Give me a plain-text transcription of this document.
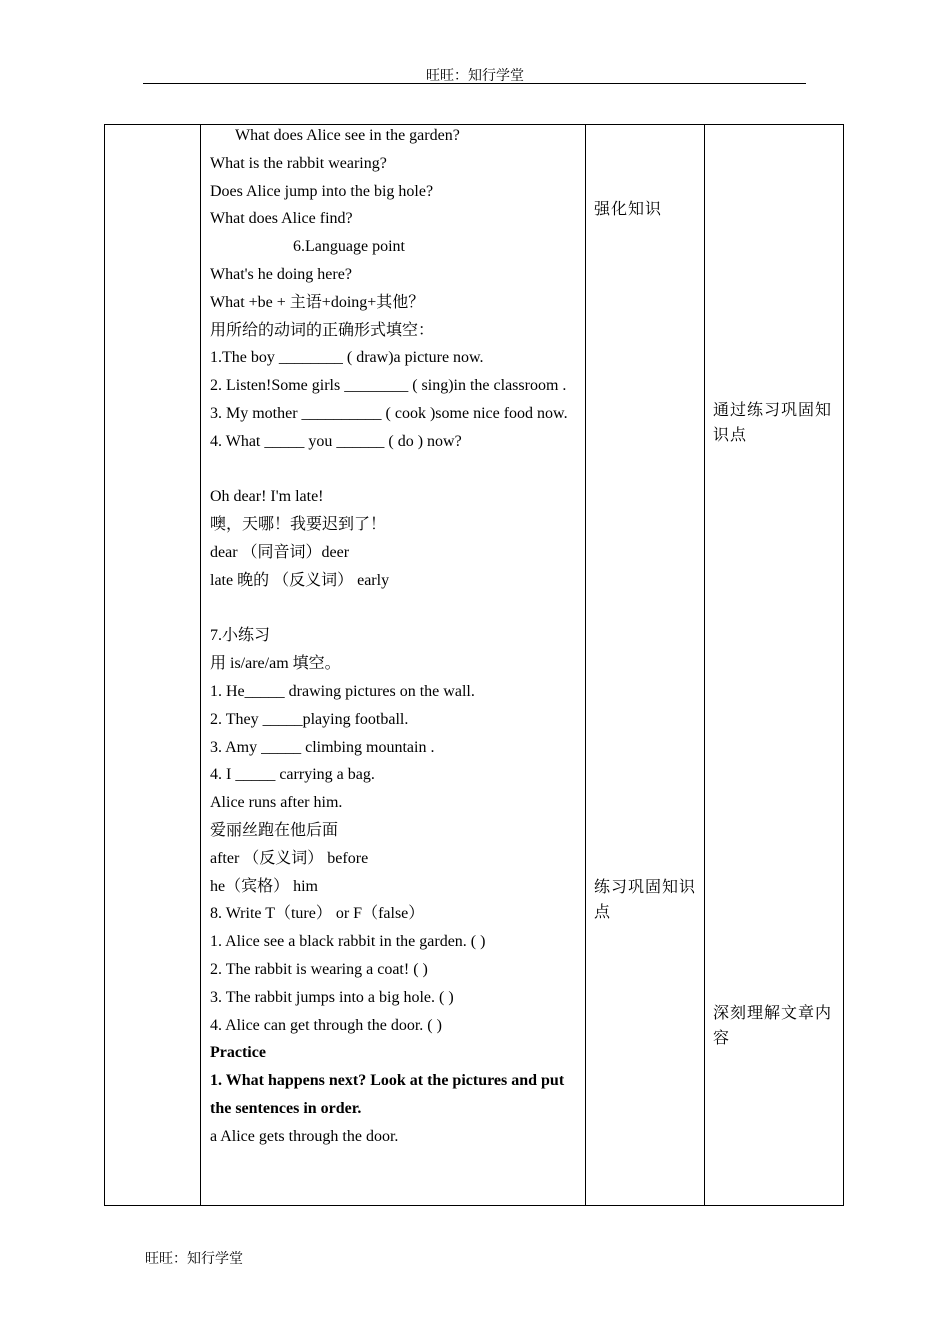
旺旺：知行学堂
What does Alice see in the garden?
What is the rabbit wearing?
Does Alice jump into the big hole?
What does Alice find?
6.Language point
What's he doing here?
What +be + 主语+doing+其他？
用所给的动词的正确形式填空：
1.The boy ________ ( draw)a picture now.
2. Listen!Some girls ________ ( sing)in the classroom .
3. My mother __________ ( cook )some nice food now.
4. What _____ you ______ ( do ) now?
Oh dear! I'm late!
噢，天哪！我要迟到了！
dear （同音词）deer
late 晚的 （反义词） early
7.小练习
用 is/are/am 填空。
1. He_____ drawing pictures on the wall.
2. They _____playing football.
3. Amy _____ climbing mountain .
4. I _____ carrying a bag.
Alice runs after him.
爱丽丝跑在他后面
after （反义词） before
he（宾格） him
8. Write T（ture） or F（false）
1. Alice see a black rabbit in the garden. ( )
2. The rabbit is wearing a coat! ( )
3. The rabbit jumps into a big hole. ( )
4. Alice can get through the door. ( )
Practice
1. What happens next? Look at the pictures and put the sentences in order.
a Alice gets through the door.
强化知识
通过练习巩固知识点
练习巩固知识点
深刻理解文章内容
旺旺：知行学堂
